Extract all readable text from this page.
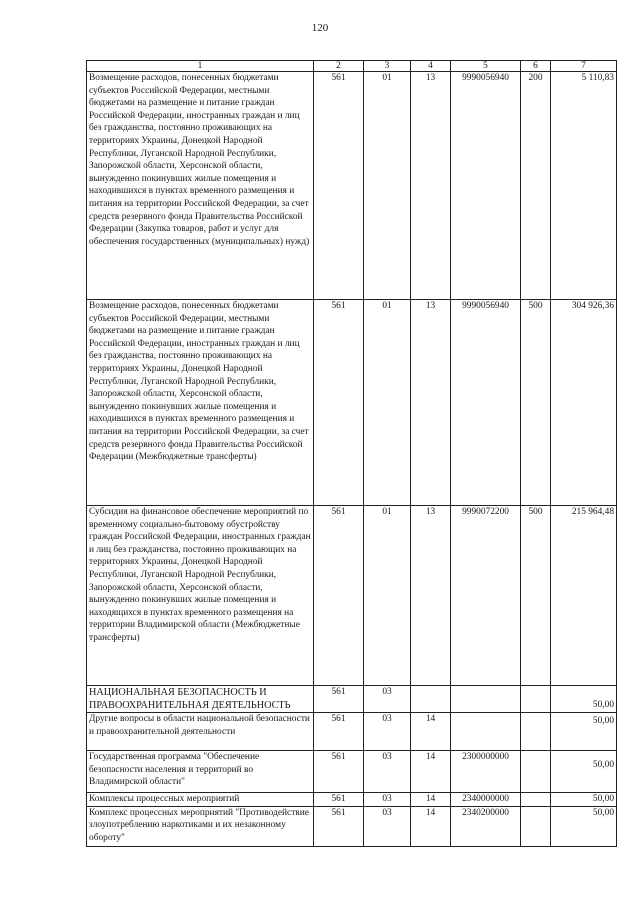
120
1	2	3	4	5	6	7
Возмещение расходов, понесенных бюджетами субъектов Российской Федерации, местными бюджетами на размещение и питание граждан Российской Федерации, иностранных граждан и лиц без гражданства, постоянно проживающих на территориях Украины, Донецкой Народной Республики, Луганской Народной Республики, Запорожской области, Херсонской области, вынужденно покинувших жилые помещения и находившихся в пунктах временного размещения и питания на территории Российской Федерации, за счет средств резервного фонда Правительства Российской Федерации (Закупка товаров, работ и услуг для обеспечения государственных (муниципальных) нужд)	561	01	13	9990056940	200	5 110,83
Возмещение расходов, понесенных бюджетами субъектов Российской Федерации, местными бюджетами на размещение и питание граждан Российской Федерации, иностранных граждан и лиц без гражданства, постоянно проживающих на территориях Украины, Донецкой Народной Республики, Луганской Народной Республики, Запорожской области, Херсонской области, вынужденно покинувших жилые помещения и находившихся в пунктах временного размещения и питания на территории Российской Федерации, за счет средств резервного фонда Правительства Российской Федерации (Межбюджетные трансферты)	561	01	13	9990056940	500	304 926,36
Субсидия на финансовое обеспечение мероприятий по временному социально-бытовому обустройству граждан Российской Федерации, иностранных граждан и лиц без гражданства, постоянно проживающих на территориях Украины, Донецкой Народной Республики, Луганской Народной Республики, Запорожской области, Херсонской области, вынужденно покинувших жилые помещения и находящихся в пунктах временного размещения на территории Владимирской области (Межбюджетные трансферты)	561	01	13	9990072200	500	215 964,48
НАЦИОНАЛЬНАЯ БЕЗОПАСНОСТЬ И ПРАВООХРАНИТЕЛЬНАЯ ДЕЯТЕЛЬНОСТЬ	561	03				50,00
Другие вопросы в области национальной безопасности и правоохранительной деятельности	561	03	14			50,00
Государственная программа "Обеспечение безопасности населения и территорий во Владимирской области"	561	03	14	2300000000		50,00
Комплексы процессных мероприятий	561	03	14	2340000000		50,00
Комплекс процессных мероприятий "Противодействие злоупотреблению наркотиками и их незаконному обороту"	561	03	14	2340200000		50,00
